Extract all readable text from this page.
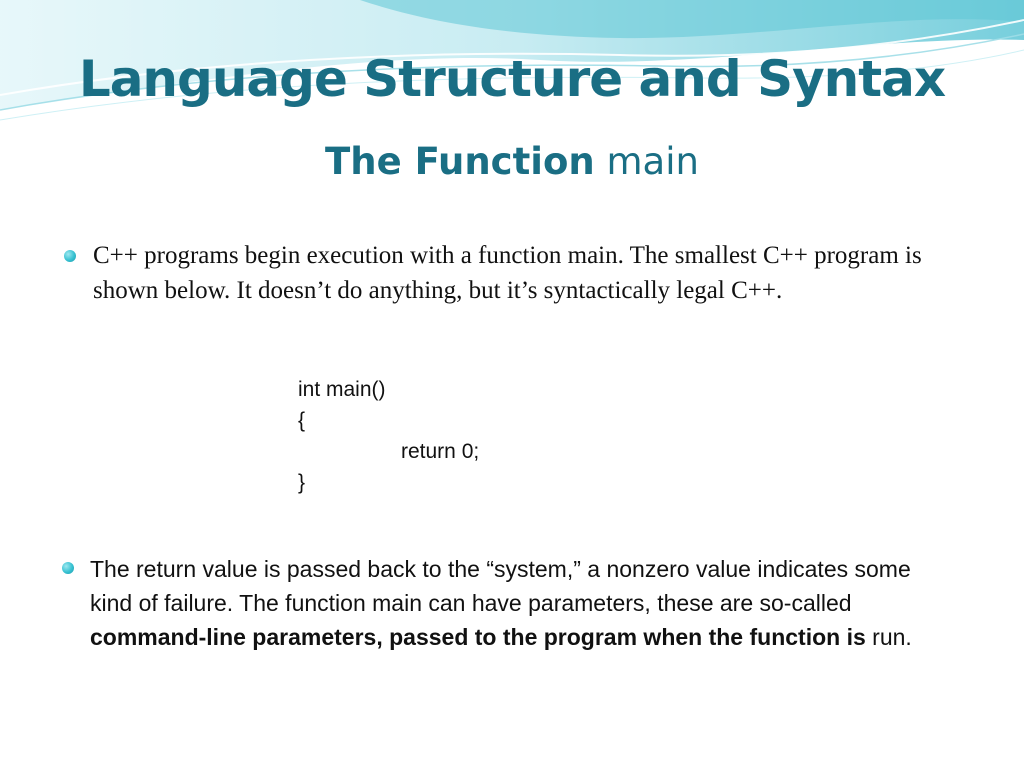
Language Structure and Syntax
The Function main
C++ programs begin execution with a function main. The smallest C++ program is shown below. It doesn’t do anything, but it’s syntactically legal C++.
int main()
{
return 0;
}
The return value is passed back to the “system,” a nonzero value indicates some kind of failure. The function main can have parameters, these are so-called command-line parameters, passed to the program when the function is run.
